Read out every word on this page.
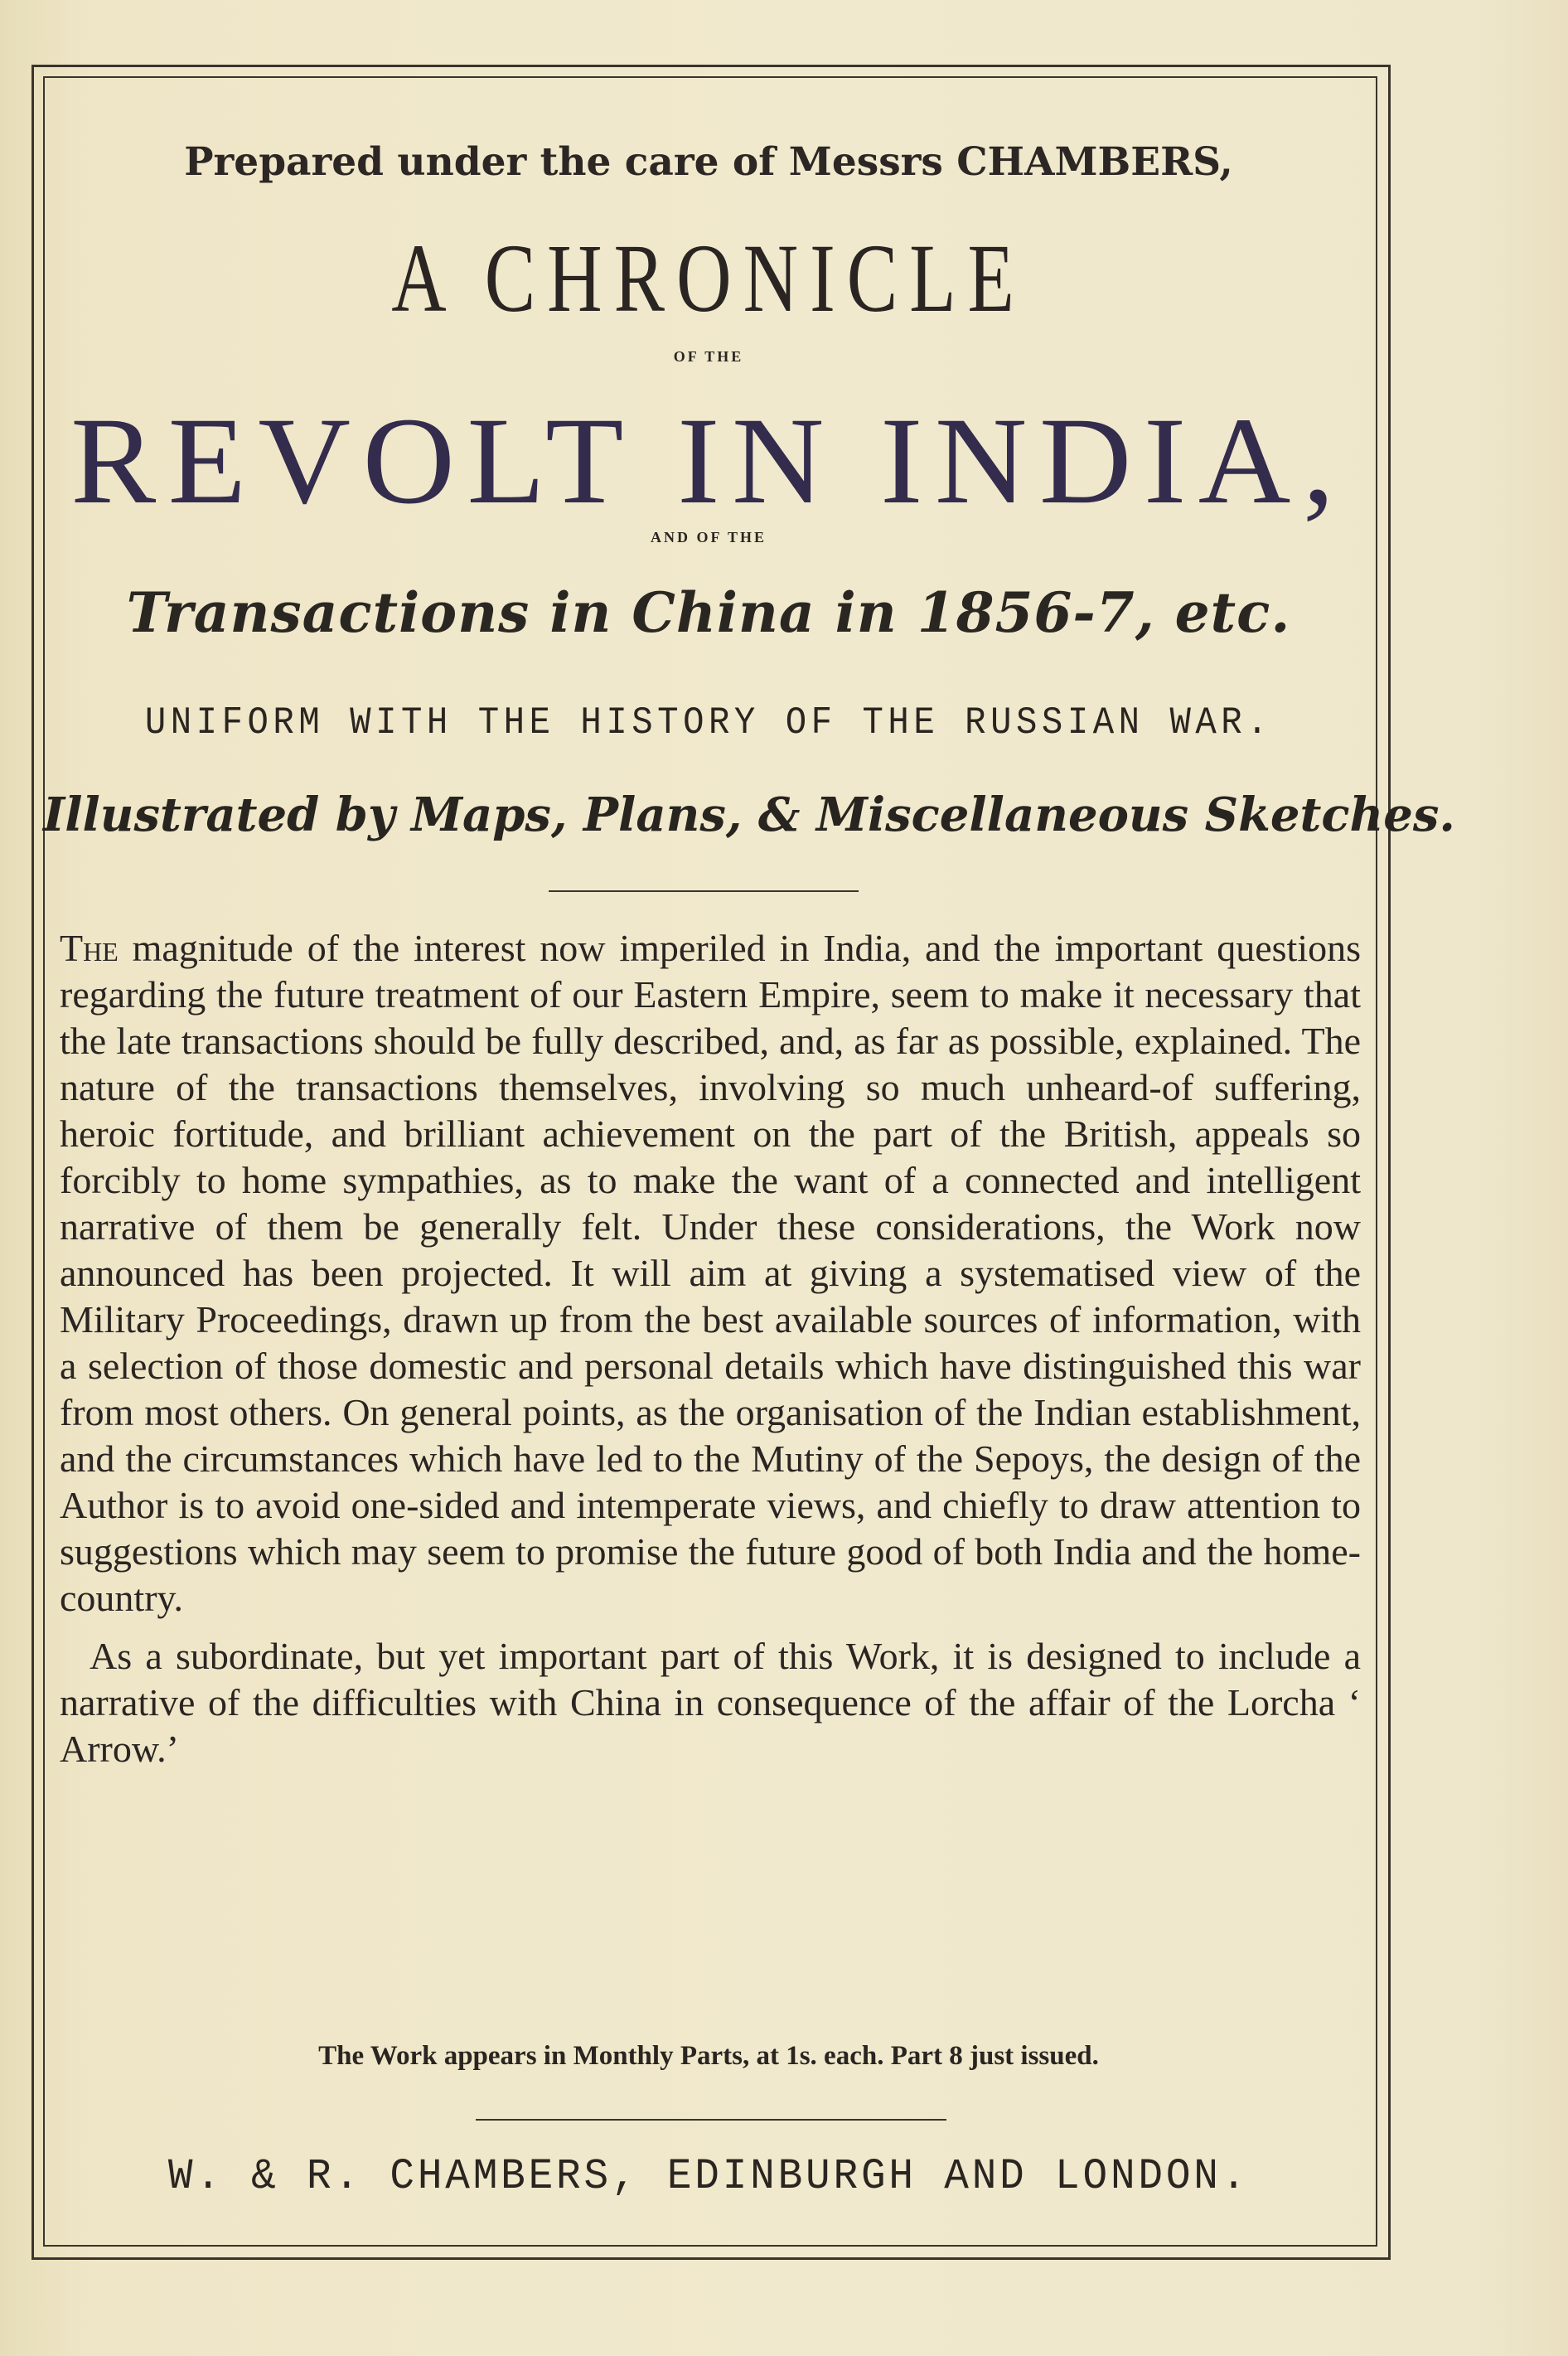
Prepared under the care of Messrs CHAMBERS,

A CHRONICLE

OF THE

REVOLT IN INDIA,

AND OF THE

Transactions in China in 1856-7, etc.

UNIFORM WITH THE HISTORY OF THE RUSSIAN WAR.

Illustrated by Maps, Plans, & Miscellaneous Sketches.

The magnitude of the interest now imperiled in India, and the important questions regarding the future treatment of our Eastern Empire, seem to make it necessary that the late transactions should be fully described, and, as far as possible, explained. The nature of the transactions themselves, involving so much unheard-of suffering, heroic fortitude, and brilliant achievement on the part of the British, appeals so forcibly to home sympathies, as to make the want of a connected and intelligent narrative of them be generally felt. Under these considerations, the Work now announced has been projected. It will aim at giving a systematised view of the Military Proceedings, drawn up from the best available sources of information, with a selection of those domestic and personal details which have distinguished this war from most others. On general points, as the organisation of the Indian establishment, and the circumstances which have led to the Mutiny of the Sepoys, the design of the Author is to avoid one-sided and intemperate views, and chiefly to draw attention to suggestions which may seem to promise the future good of both India and the home-country.

As a subordinate, but yet important part of this Work, it is designed to include a narrative of the difficulties with China in consequence of the affair of the Lorcha ‘ Arrow.’

The Work appears in Monthly Parts, at 1s. each. Part 8 just issued.

W. & R. CHAMBERS, EDINBURGH AND LONDON.
